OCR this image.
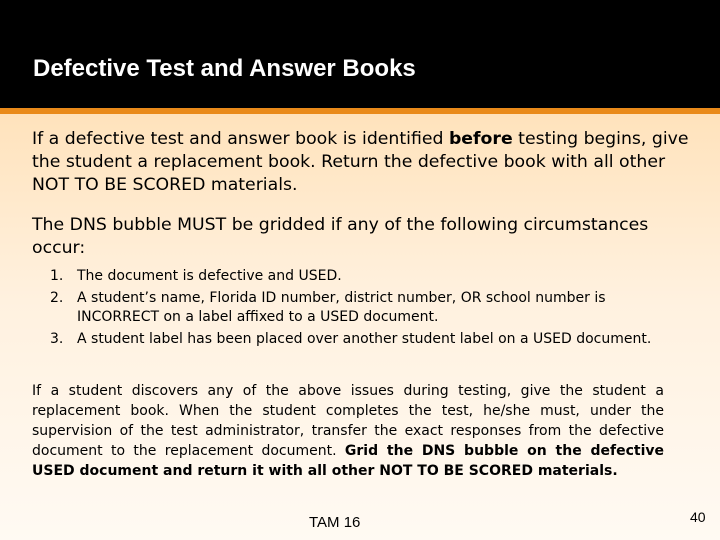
Defective Test and Answer Books
If a defective test and answer book is identified before testing begins, give the student a replacement book. Return the defective book with all other NOT TO BE SCORED materials.
The DNS bubble MUST be gridded if any of the following circumstances occur:
1. The document is defective and USED.
2. A student’s name, Florida ID number, district number, OR school number is INCORRECT on a label affixed to a USED document.
3. A student label has been placed over another student label on a USED document.
If a student discovers any of the above issues during testing, give the student a replacement book. When the student completes the test, he/she must, under the supervision of the test administrator, transfer the exact responses from the defective document to the replacement document. Grid the DNS bubble on the defective USED document and return it with all other NOT TO BE SCORED materials.
TAM 16	40
